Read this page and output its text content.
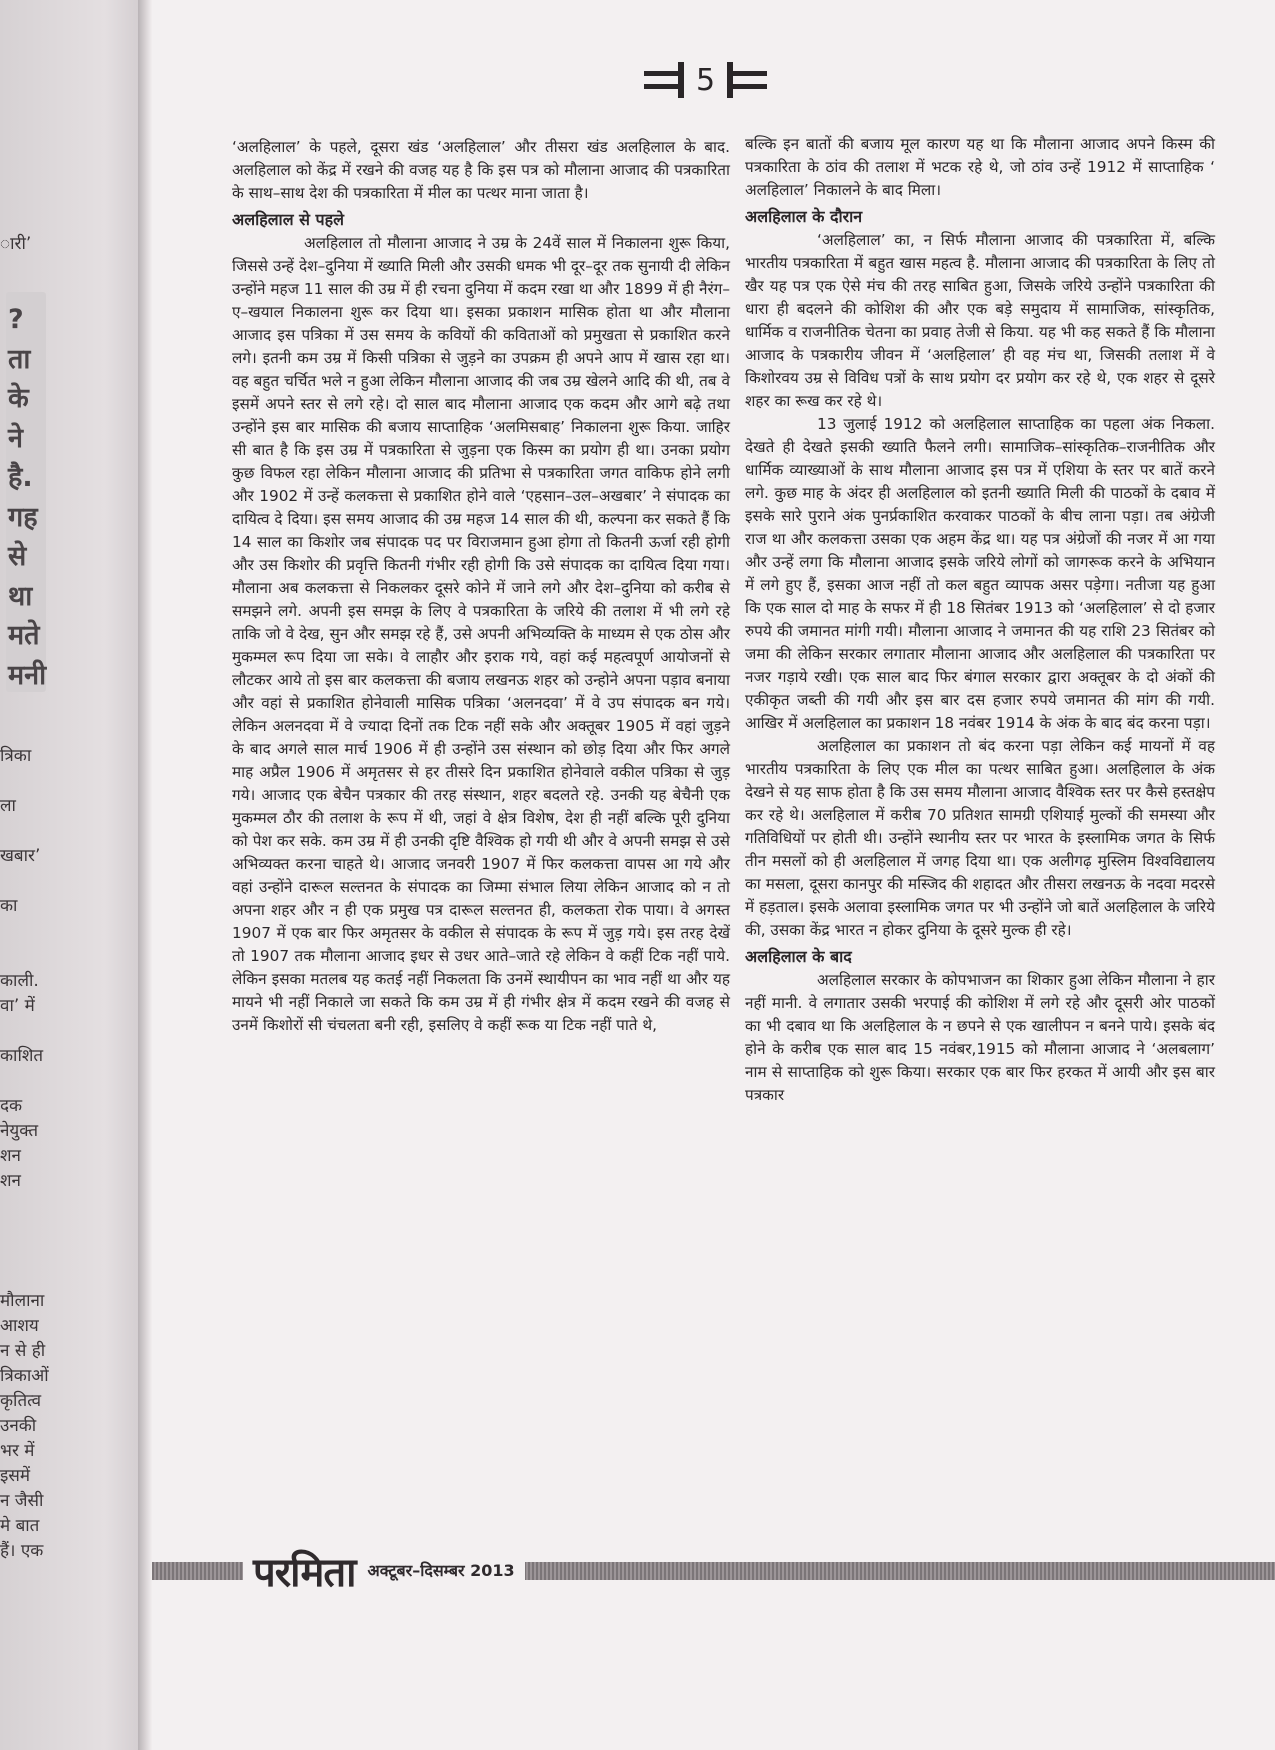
ारी’
?
ता
के
ने
है.
गह
से
था
मते
मनी
त्रिका

ला

खबार’

का

काली.
वा’ में

काशित

दक
नेयुक्त
शन
शन
मौलाना
आशय
न से ही
त्रिकाओं
कृतित्व
उनकी
भर में
इसमें
न जैसी
मे बात
हैं। एक
5

‘अलहिलाल’ के पहले, दूसरा खंड ‘अलहिलाल’ और तीसरा खंड अलहिलाल के बाद. अलहिलाल को केंद्र में रखने की वजह यह है कि इस पत्र को मौलाना आजाद की पत्रकारिता के साथ–साथ देश की पत्रकारिता में मील का पत्थर माना जाता है।

अलहिलाल से पहले

अलहिलाल तो मौलाना आजाद ने उम्र के 24वें साल में निकालना शुरू किया, जिससे उन्हें देश–दुनिया में ख्याति मिली और उसकी धमक भी दूर–दूर तक सुनायी दी लेकिन उन्होंने महज 11 साल की उम्र में ही रचना दुनिया में कदम रखा था और 1899 में ही नैरंग–ए–खयाल निकालना शुरू कर दिया था। इसका प्रकाशन मासिक होता था और मौलाना आजाद इस पत्रिका में उस समय के कवियों की कविताओं को प्रमुखता से प्रकाशित करने लगे। इतनी कम उम्र में किसी पत्रिका से जुड़ने का उपक्रम ही अपने आप में खास रहा था। वह बहुत चर्चित भले न हुआ लेकिन मौलाना आजाद की जब उम्र खेलने आदि की थी, तब वे इसमें अपने स्तर से लगे रहे। दो साल बाद मौलाना आजाद एक कदम और आगे बढ़े तथा उन्होंने इस बार मासिक की बजाय साप्ताहिक ‘अलमिसबाह’ निकालना शुरू किया. जाहिर सी बात है कि इस उम्र में पत्रकारिता से जुड़ना एक किस्म का प्रयोग ही था। उनका प्रयोग कुछ विफल रहा लेकिन मौलाना आजाद की प्रतिभा से पत्रकारिता जगत वाकिफ होने लगी और 1902 में उन्हें कलकत्ता से प्रकाशित होने वाले ‘एहसान–उल–अखबार’ ने संपादक का दायित्व दे दिया। इस समय आजाद की उम्र महज 14 साल की थी, कल्पना कर सकते हैं कि 14 साल का किशोर जब संपादक पद पर विराजमान हुआ होगा तो कितनी ऊर्जा रही होगी और उस किशोर की प्रवृत्ति कितनी गंभीर रही होगी कि उसे संपादक का दायित्व दिया गया। मौलाना अब कलकत्ता से निकलकर दूसरे कोने में जाने लगे और देश–दुनिया को करीब से समझने लगे. अपनी इस समझ के लिए वे पत्रकारिता के जरिये की तलाश में भी लगे रहे ताकि जो वे देख, सुन और समझ रहे हैं, उसे अपनी अभिव्यक्ति के माध्यम से एक ठोस और मुकम्मल रूप दिया जा सके। वे लाहौर और इराक गये, वहां कई महत्वपूर्ण आयोजनों से लौटकर आये तो इस बार कलकत्ता की बजाय लखनऊ शहर को उन्होने अपना पड़ाव बनाया और वहां से प्रकाशित होनेवाली मासिक पत्रिका ‘अलनदवा’ में वे उप संपादक बन गये। लेकिन अलनदवा में वे ज्यादा दिनों तक टिक नहीं सके और अक्तूबर 1905 में वहां जुड़ने के बाद अगले साल मार्च 1906 में ही उन्होंने उस संस्थान को छोड़ दिया और फिर अगले माह अप्रैल 1906 में अमृतसर से हर तीसरे दिन प्रकाशित होनेवाले वकील पत्रिका से जुड़ गये। आजाद एक बेचैन पत्रकार की तरह संस्थान, शहर बदलते रहे. उनकी यह बेचैनी एक मुकम्मल ठौर की तलाश के रूप में थी, जहां वे क्षेत्र विशेष, देश ही नहीं बल्कि पूरी दुनिया को पेश कर सके. कम उम्र में ही उनकी दृष्टि वैश्विक हो गयी थी और वे अपनी समझ से उसे अभिव्यक्त करना चाहते थे। आजाद जनवरी 1907 में फिर कलकत्ता वापस आ गये और वहां उन्होंने दारूल सल्तनत के संपादक का जिम्मा संभाल लिया लेकिन आजाद को न तो अपना शहर और न ही एक प्रमुख पत्र दारूल सल्तनत ही, कलकता रोक पाया। वे अगस्त 1907 में एक बार फिर अमृतसर के वकील से संपादक के रूप में जुड़ गये। इस तरह देखें तो 1907 तक मौलाना आजाद इधर से उधर आते–जाते रहे लेकिन वे कहीं टिक नहीं पाये. लेकिन इसका मतलब यह कतई नहीं निकलता कि उनमें स्थायीपन का भाव नहीं था और यह मायने भी नहीं निकाले जा सकते कि कम उम्र में ही गंभीर क्षेत्र में कदम रखने की वजह से उनमें किशोरों सी चंचलता बनी रही, इसलिए वे कहीं रूक या टिक नहीं पाते थे,

बल्कि इन बातों की बजाय मूल कारण यह था कि मौलाना आजाद अपने किस्म की पत्रकारिता के ठांव की तलाश में भटक रहे थे, जो ठांव उन्हें 1912 में साप्ताहिक ‘ अलहिलाल’ निकालने के बाद मिला।

अलहिलाल के दौरान

‘अलहिलाल’ का, न सिर्फ मौलाना आजाद की पत्रकारिता में, बल्कि भारतीय पत्रकारिता में बहुत खास महत्व है. मौलाना आजाद की पत्रकारिता के लिए तो खैर यह पत्र एक ऐसे मंच की तरह साबित हुआ, जिसके जरिये उन्होंने पत्रकारिता की धारा ही बदलने की कोशिश की और एक बड़े समुदाय में सामाजिक, सांस्कृतिक, धार्मिक व राजनीतिक चेतना का प्रवाह तेजी से किया. यह भी कह सकते हैं कि मौलाना आजाद के पत्रकारीय जीवन में ‘अलहिलाल’ ही वह मंच था, जिसकी तलाश में वे किशोरवय उम्र से विविध पत्रों के साथ प्रयोग दर प्रयोग कर रहे थे, एक शहर से दूसरे शहर का रूख कर रहे थे।

13 जुलाई 1912 को अलहिलाल साप्ताहिक का पहला अंक निकला. देखते ही देखते इसकी ख्याति फैलने लगी। सामाजिक–सांस्कृतिक–राजनीतिक और धार्मिक व्याख्याओं के साथ मौलाना आजाद इस पत्र में एशिया के स्तर पर बातें करने लगे. कुछ माह के अंदर ही अलहिलाल को इतनी ख्याति मिली की पाठकों के दबाव में इसके सारे पुराने अंक पुनर्प्रकाशित करवाकर पाठकों के बीच लाना पड़ा। तब अंग्रेजी राज था और कलकत्ता उसका एक अहम केंद्र था। यह पत्र अंग्रेजों की नजर में आ गया और उन्हें लगा कि मौलाना आजाद इसके जरिये लोगों को जागरूक करने के अभियान में लगे हुए हैं, इसका आज नहीं तो कल बहुत व्यापक असर पड़ेगा। नतीजा यह हुआ कि एक साल दो माह के सफर में ही 18 सितंबर 1913 को ‘अलहिलाल’ से दो हजार रुपये की जमानत मांगी गयी। मौलाना आजाद ने जमानत की यह राशि 23 सितंबर को जमा की लेकिन सरकार लगातार मौलाना आजाद और अलहिलाल की पत्रकारिता पर नजर गड़ाये रखी। एक साल बाद फिर बंगाल सरकार द्वारा अक्तूबर के दो अंकों की एकीकृत जब्ती की गयी और इस बार दस हजार रुपये जमानत की मांग की गयी. आखिर में अलहिलाल का प्रकाशन 18 नवंबर 1914 के अंक के बाद बंद करना पड़ा।

अलहिलाल का प्रकाशन तो बंद करना पड़ा लेकिन कई मायनों में वह भारतीय पत्रकारिता के लिए एक मील का पत्थर साबित हुआ। अलहिलाल के अंक देखने से यह साफ होता है कि उस समय मौलाना आजाद वैश्विक स्तर पर कैसे हस्तक्षेप कर रहे थे। अलहिलाल में करीब 70 प्रतिशत सामग्री एशियाई मुल्कों की समस्या और गतिविधियों पर होती थी। उन्होंने स्थानीय स्तर पर भारत के इस्लामिक जगत के सिर्फ तीन मसलों को ही अलहिलाल में जगह दिया था। एक अलीगढ़ मुस्लिम विश्वविद्यालय का मसला, दूसरा कानपुर की मस्जिद की शहादत और तीसरा लखनऊ के नदवा मदरसे में हड़ताल। इसके अलावा इस्लामिक जगत पर भी उन्होंने जो बातें अलहिलाल के जरिये की, उसका केंद्र भारत न होकर दुनिया के दूसरे मुल्क ही रहे।

अलहिलाल के बाद

अलहिलाल सरकार के कोपभाजन का शिकार हुआ लेकिन मौलाना ने हार नहीं मानी. वे लगातार उसकी भरपाई की कोशिश में लगे रहे और दूसरी ओर पाठकों का भी दबाव था कि अलहिलाल के न छपने से एक खालीपन न बनने पाये। इसके बंद होने के करीब एक साल बाद 15 नवंबर,1915 को मौलाना आजाद ने ‘अलबलाग’ नाम से साप्ताहिक को शुरू किया। सरकार एक बार फिर हरकत में आयी और इस बार पत्रकार

परमिता अक्टूबर–दिसम्बर 2013
